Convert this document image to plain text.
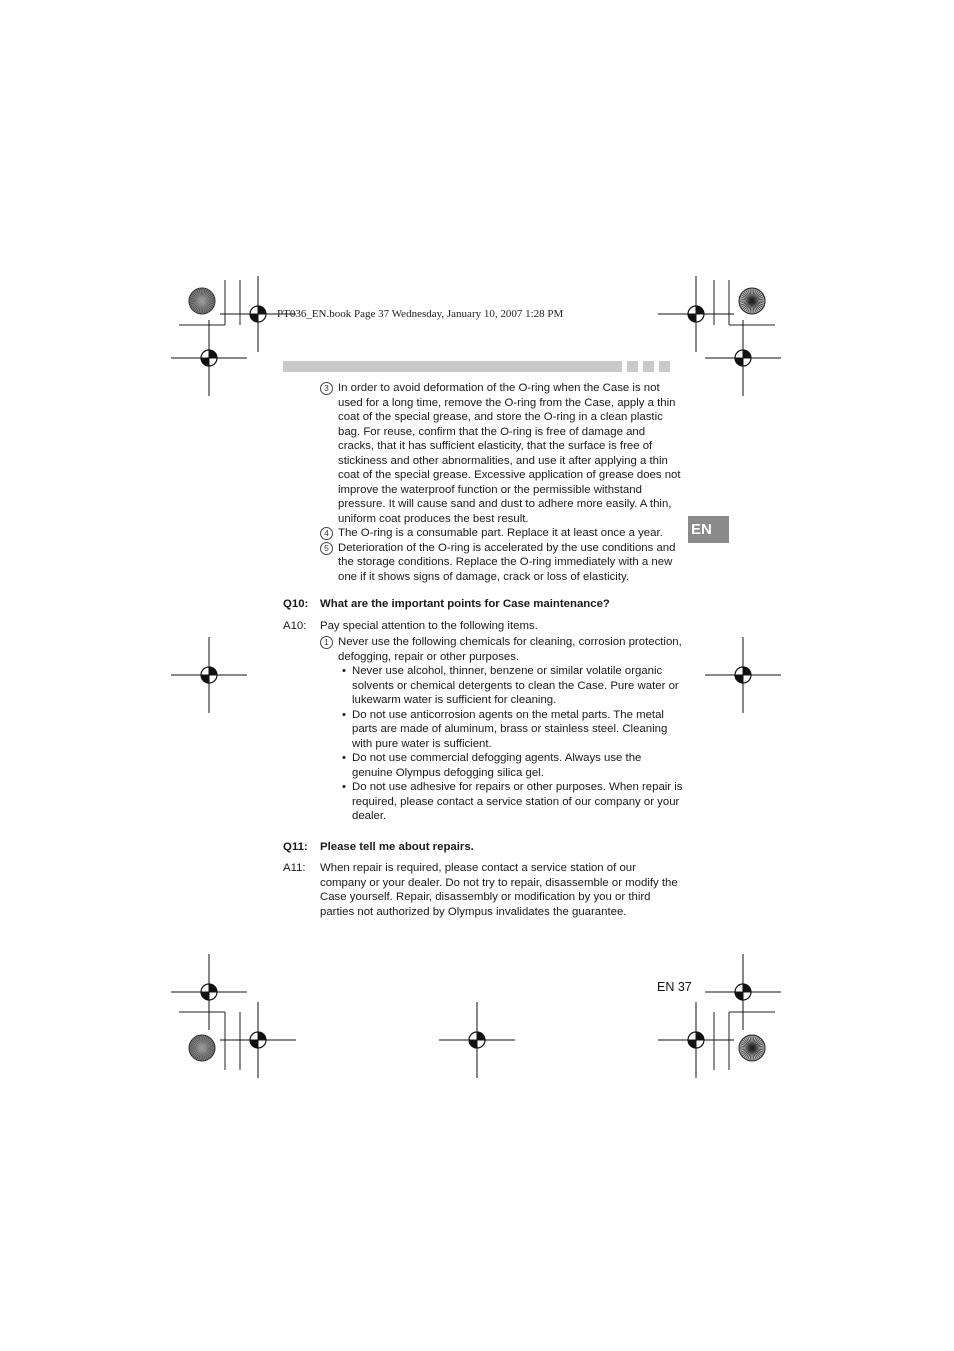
PT036_EN.book Page 37 Wednesday, January 10, 2007 1:28 PM
EN
3 In order to avoid deformation of the O-ring when the Case is not used for a long time, remove the O-ring from the Case, apply a thin coat of the special grease, and store the O-ring in a clean plastic bag. For reuse, confirm that the O-ring is free of damage and cracks, that it has sufficient elasticity, that the surface is free of stickiness and other abnormalities, and use it after applying a thin coat of the special grease. Excessive application of grease does not improve the waterproof function or the permissible withstand pressure. It will cause sand and dust to adhere more easily. A thin, uniform coat produces the best result.
4 The O-ring is a consumable part. Replace it at least once a year.
5 Deterioration of the O-ring is accelerated by the use conditions and the storage conditions. Replace the O-ring immediately with a new one if it shows signs of damage, crack or loss of elasticity.
Q10: What are the important points for Case maintenance?
A10: Pay special attention to the following items.
1 Never use the following chemicals for cleaning, corrosion protection, defogging, repair or other purposes.
• Never use alcohol, thinner, benzene or similar volatile organic solvents or chemical detergents to clean the Case. Pure water or lukewarm water is sufficient for cleaning.
• Do not use anticorrosion agents on the metal parts. The metal parts are made of aluminum, brass or stainless steel. Cleaning with pure water is sufficient.
• Do not use commercial defogging agents. Always use the genuine Olympus defogging silica gel.
• Do not use adhesive for repairs or other purposes. When repair is required, please contact a service station of our company or your dealer.
Q11: Please tell me about repairs.
A11: When repair is required, please contact a service station of our company or your dealer. Do not try to repair, disassemble or modify the Case yourself. Repair, disassembly or modification by you or third parties not authorized by Olympus invalidates the guarantee.
EN 37
